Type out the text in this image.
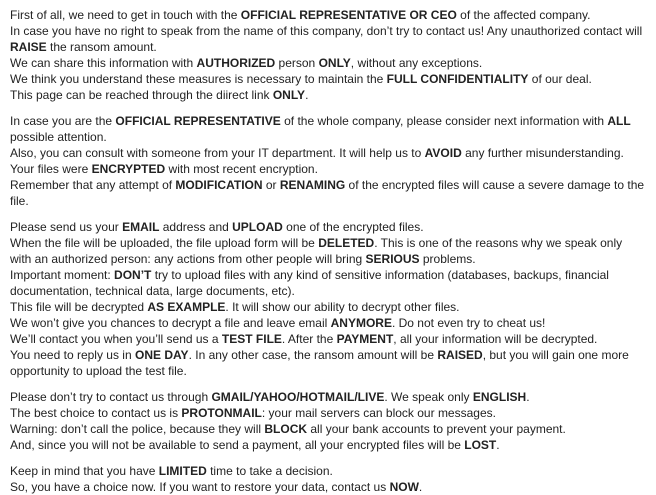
First of all, we need to get in touch with the OFFICIAL REPRESENTATIVE OR CEO of the affected company.
In case you have no right to speak from the name of this company, don’t try to contact us! Any unauthorized contact will RAISE the ransom amount.
We can share this information with AUTHORIZED person ONLY, without any exceptions.
We think you understand these measures is necessary to maintain the FULL CONFIDENTIALITY of our deal.
This page can be reached through the diirect link ONLY.
In case you are the OFFICIAL REPRESENTATIVE of the whole company, please consider next information with ALL possible attention.
Also, you can consult with someone from your IT department. It will help us to AVOID any further misunderstanding.
Your files were ENCRYPTED with most recent encryption.
Remember that any attempt of MODIFICATION or RENAMING of the encrypted files will cause a severe damage to the file.
Please send us your EMAIL address and UPLOAD one of the encrypted files.
When the file will be uploaded, the file upload form will be DELETED. This is one of the reasons why we speak only with an authorized person: any actions from other people will bring SERIOUS problems.
Important moment: DON’T try to upload files with any kind of sensitive information (databases, backups, financial documentation, technical data, large documents, etc).
This file will be decrypted AS EXAMPLE. It will show our ability to decrypt other files.
We won’t give you chances to decrypt a file and leave email ANYMORE. Do not even try to cheat us!
We’ll contact you when you’ll send us a TEST FILE. After the PAYMENT, all your information will be decrypted.
You need to reply us in ONE DAY. In any other case, the ransom amount will be RAISED, but you will gain one more opportunity to upload the test file.
Please don’t try to contact us through GMAIL/YAHOO/HOTMAIL/LIVE. We speak only ENGLISH.
The best choice to contact us is PROTONMAIL: your mail servers can block our messages.
Warning: don’t call the police, because they will BLOCK all your bank accounts to prevent your payment.
And, since you will not be available to send a payment, all your encrypted files will be LOST.
Keep in mind that you have LIMITED time to take a decision.
So, you have a choice now. If you want to restore your data, contact us NOW.
